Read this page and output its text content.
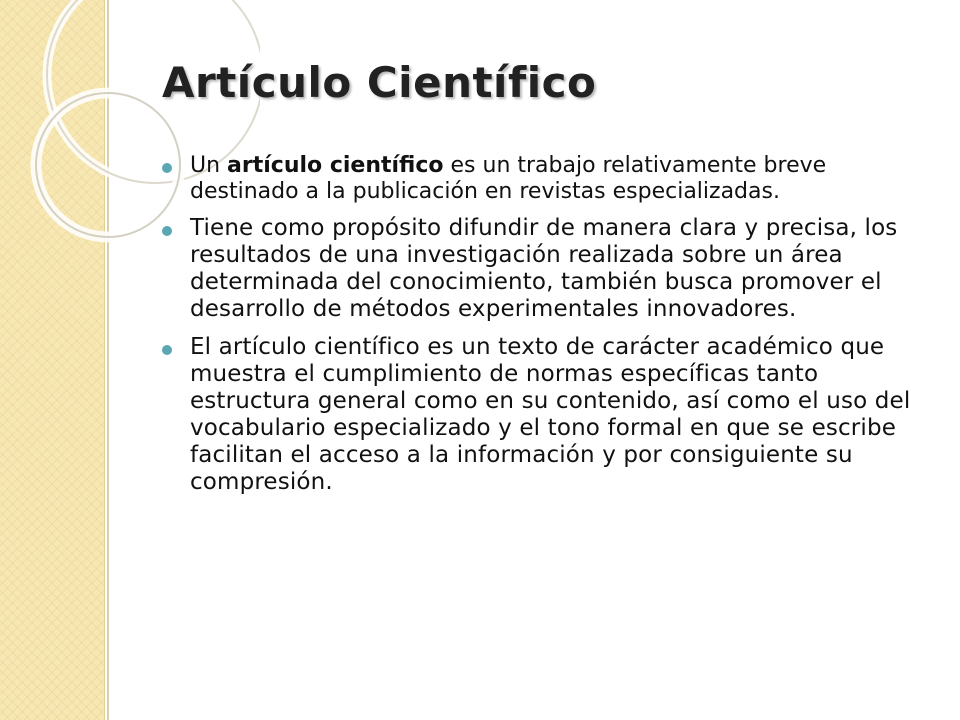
Artículo Científico
Un artículo científico es un trabajo relativamente breve destinado a la publicación en revistas especializadas.
Tiene como propósito difundir de manera clara y precisa, los resultados de una investigación realizada sobre un área determinada del conocimiento, también busca promover el desarrollo de métodos experimentales innovadores.
El artículo científico es un texto de carácter académico que muestra el cumplimiento de normas específicas tanto estructura general como en su contenido, así como el uso del vocabulario especializado y el tono formal en que se escribe facilitan el acceso a la información y por consiguiente su compresión.
